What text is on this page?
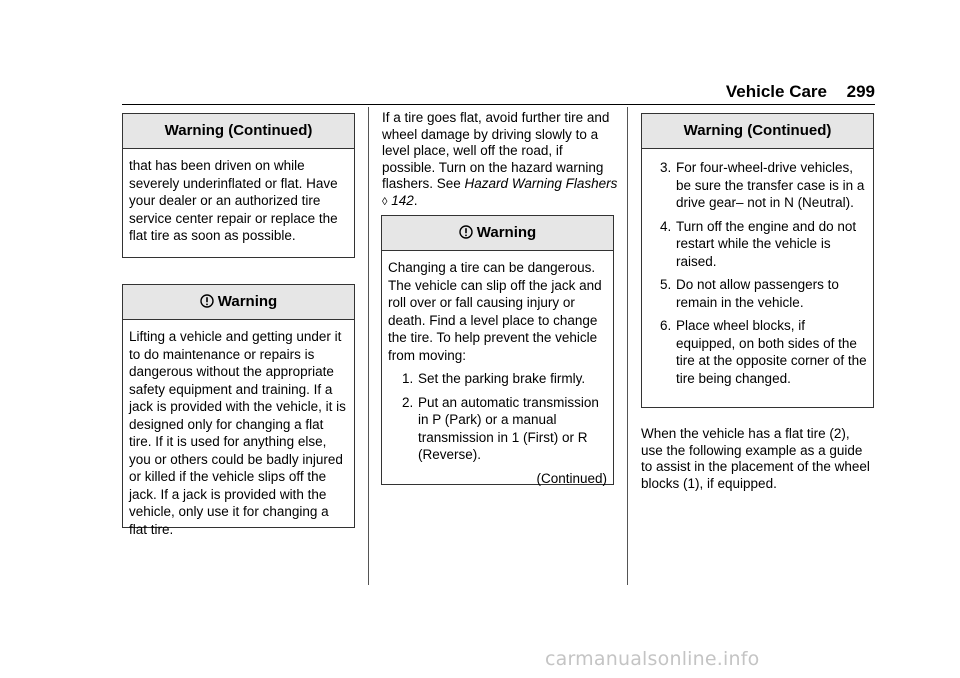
Vehicle Care 299
Warning (Continued)
that has been driven on while severely underinflated or flat. Have your dealer or an authorized tire service center repair or replace the flat tire as soon as possible.
Warning
Lifting a vehicle and getting under it to do maintenance or repairs is dangerous without the appropriate safety equipment and training. If a jack is provided with the vehicle, it is designed only for changing a flat tire. If it is used for anything else, you or others could be badly injured or killed if the vehicle slips off the jack. If a jack is provided with the vehicle, only use it for changing a flat tire.
If a tire goes flat, avoid further tire and wheel damage by driving slowly to a level place, well off the road, if possible. Turn on the hazard warning flashers. See Hazard Warning Flashers ◊ 142.
Warning
Changing a tire can be dangerous. The vehicle can slip off the jack and roll over or fall causing injury or death. Find a level place to change the tire. To help prevent the vehicle from moving:
1. Set the parking brake firmly.
2. Put an automatic transmission in P (Park) or a manual transmission in 1 (First) or R (Reverse).
(Continued)
Warning (Continued)
3. For four-wheel-drive vehicles, be sure the transfer case is in a drive gear– not in N (Neutral).
4. Turn off the engine and do not restart while the vehicle is raised.
5. Do not allow passengers to remain in the vehicle.
6. Place wheel blocks, if equipped, on both sides of the tire at the opposite corner of the tire being changed.
When the vehicle has a flat tire (2), use the following example as a guide to assist in the placement of the wheel blocks (1), if equipped.
carmanualsonline.info
